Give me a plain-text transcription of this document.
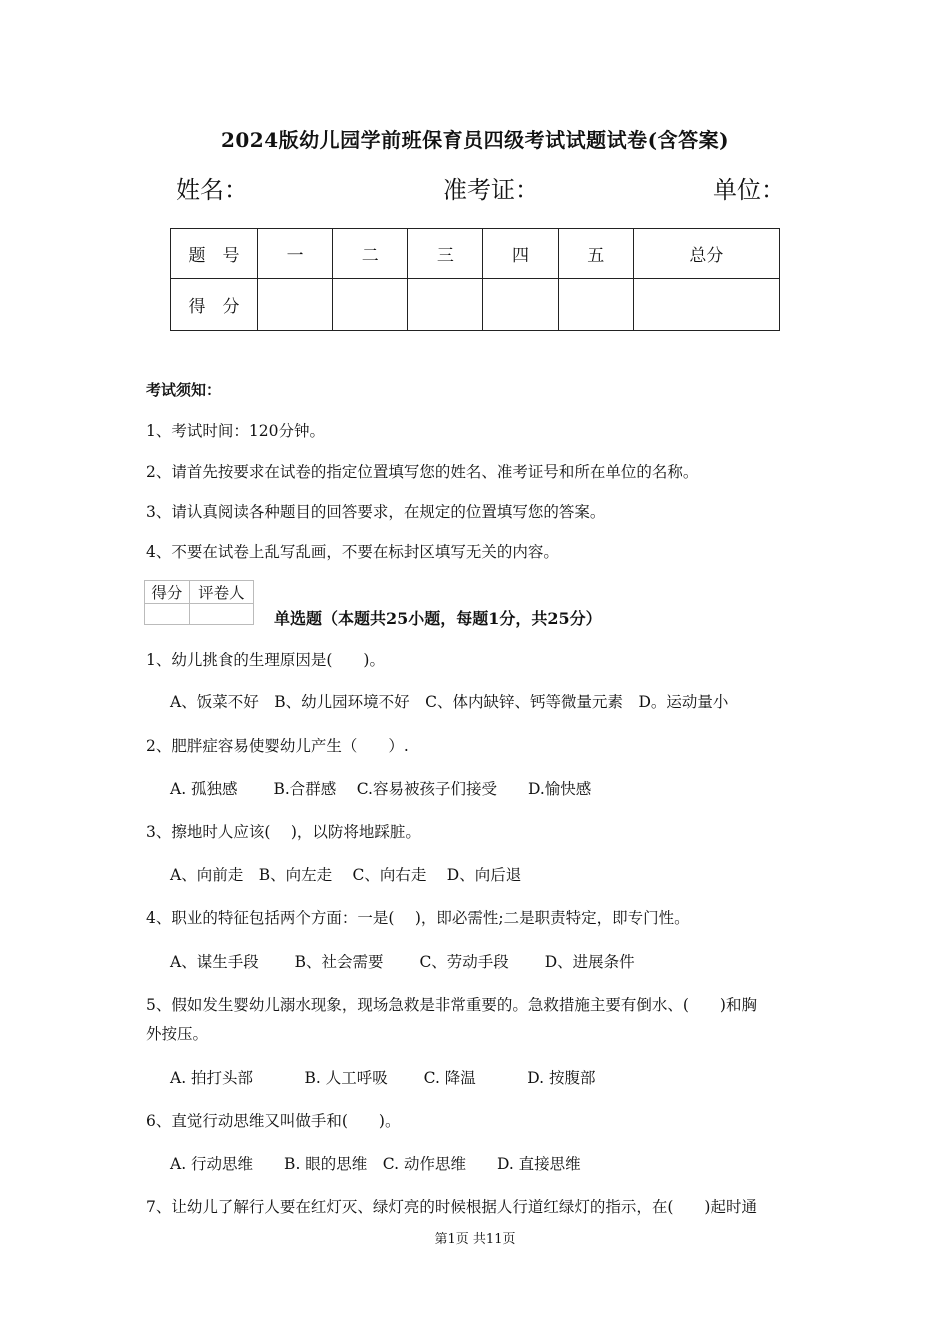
2024版幼儿园学前班保育员四级考试试题试卷(含答案)
姓名：	准考证：	单位：
题　号	一	二	三	四	五	总分
得　分						
考试须知：
1、考试时间：120分钟。
2、请首先按要求在试卷的指定位置填写您的姓名、准考证号和所在单位的名称。
3、请认真阅读各种题目的回答要求，在规定的位置填写您的答案。
4、不要在试卷上乱写乱画，不要在标封区填写无关的内容。
得分	评卷人

单选题（本题共25小题，每题1分，共25分）
1、幼儿挑食的生理原因是(　　)。
A、饭菜不好　B、幼儿园环境不好　C、体内缺锌、钙等微量元素　D。运动量小
2、肥胖症容易使婴幼儿产生（　　）.
A. 孤独感　　 B.合群感　 C.容易被孩子们接受　　D.愉快感
3、擦地时人应该(　 )，以防将地踩脏。
A、向前走　B、向左走　 C、向右走　 D、向后退
4、职业的特征包括两个方面：一是(　 )，即必需性;二是职责特定，即专门性。
A、谋生手段　　 B、社会需要　　 C、劳动手段　　 D、进展条件
5、假如发生婴幼儿溺水现象，现场急救是非常重要的。急救措施主要有倒水、(　　)和胸
外按压。
A. 拍打头部　　　 B. 人工呼吸　　 C. 降温　　　 D. 按腹部
6、直觉行动思维又叫做手和(　　)。
A. 行动思维　　B. 眼的思维　C. 动作思维　　D. 直接思维
7、让幼儿了解行人要在红灯灭、绿灯亮的时候根据人行道红绿灯的指示，在(　　)起时通
第1页 共11页
